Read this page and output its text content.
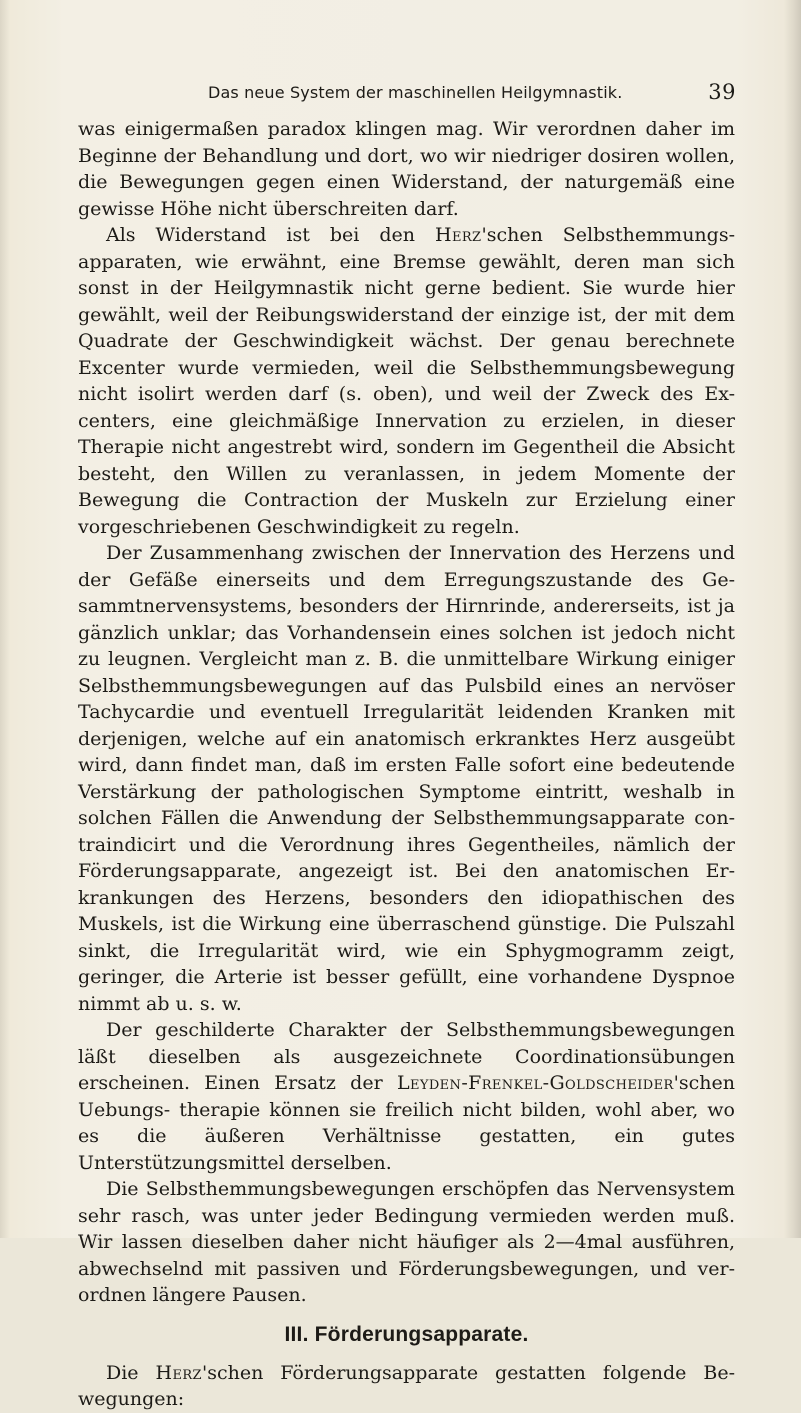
Das neue System der maschinellen Heilgymnastik.	39

was einigermaßen paradox klingen mag. Wir verordnen daher im Beginne der Behandlung und dort, wo wir niedriger dosiren wollen, die Bewegungen gegen einen Widerstand, der naturgemäß eine gewisse Höhe nicht überschreiten darf.

Als Widerstand ist bei den Herz'schen Selbsthemmungs- apparaten, wie erwähnt, eine Bremse gewählt, deren man sich sonst in der Heilgymnastik nicht gerne bedient. Sie wurde hier gewählt, weil der Reibungswiderstand der einzige ist, der mit dem Quadrate der Geschwindigkeit wächst. Der genau berechnete Excenter wurde vermieden, weil die Selbsthemmungsbewegung nicht isolirt werden darf (s. oben), und weil der Zweck des Ex- centers, eine gleichmäßige Innervation zu erzielen, in dieser Therapie nicht angestrebt wird, sondern im Gegentheil die Absicht besteht, den Willen zu veranlassen, in jedem Momente der Bewegung die Contraction der Muskeln zur Erzielung einer vorgeschriebenen Geschwindigkeit zu regeln.

Der Zusammenhang zwischen der Innervation des Herzens und der Gefäße einerseits und dem Erregungszustande des Ge- sammtnervensystems, besonders der Hirnrinde, andererseits, ist ja gänzlich unklar; das Vorhandensein eines solchen ist jedoch nicht zu leugnen. Vergleicht man z. B. die unmittelbare Wirkung einiger Selbsthemmungsbewegungen auf das Pulsbild eines an nervöser Tachycardie und eventuell Irregularität leidenden Kranken mit derjenigen, welche auf ein anatomisch erkranktes Herz ausgeübt wird, dann findet man, daß im ersten Falle sofort eine bedeutende Verstärkung der pathologischen Symptome eintritt, weshalb in solchen Fällen die Anwendung der Selbsthemmungsapparate con- traindicirt und die Verordnung ihres Gegentheiles, nämlich der Förderungsapparate, angezeigt ist. Bei den anatomischen Er- krankungen des Herzens, besonders den idiopathischen des Muskels, ist die Wirkung eine überraschend günstige. Die Pulszahl sinkt, die Irregularität wird, wie ein Sphygmogramm zeigt, geringer, die Arterie ist besser gefüllt, eine vorhandene Dyspnoe nimmt ab u. s. w.

Der geschilderte Charakter der Selbsthemmungsbewegungen läßt dieselben als ausgezeichnete Coordinationsübungen erscheinen. Einen Ersatz der Leyden-Frenkel-Goldscheider'schen Uebungs- therapie können sie freilich nicht bilden, wohl aber, wo es die äußeren Verhältnisse gestatten, ein gutes Unterstützungsmittel derselben.

Die Selbsthemmungsbewegungen erschöpfen das Nervensystem sehr rasch, was unter jeder Bedingung vermieden werden muß. Wir lassen dieselben daher nicht häufiger als 2—4mal ausführen, abwechselnd mit passiven und Förderungsbewegungen, und ver- ordnen längere Pausen.

III. Förderungsapparate.

Die Herz'schen Förderungsapparate gestatten folgende Be- wegungen:
